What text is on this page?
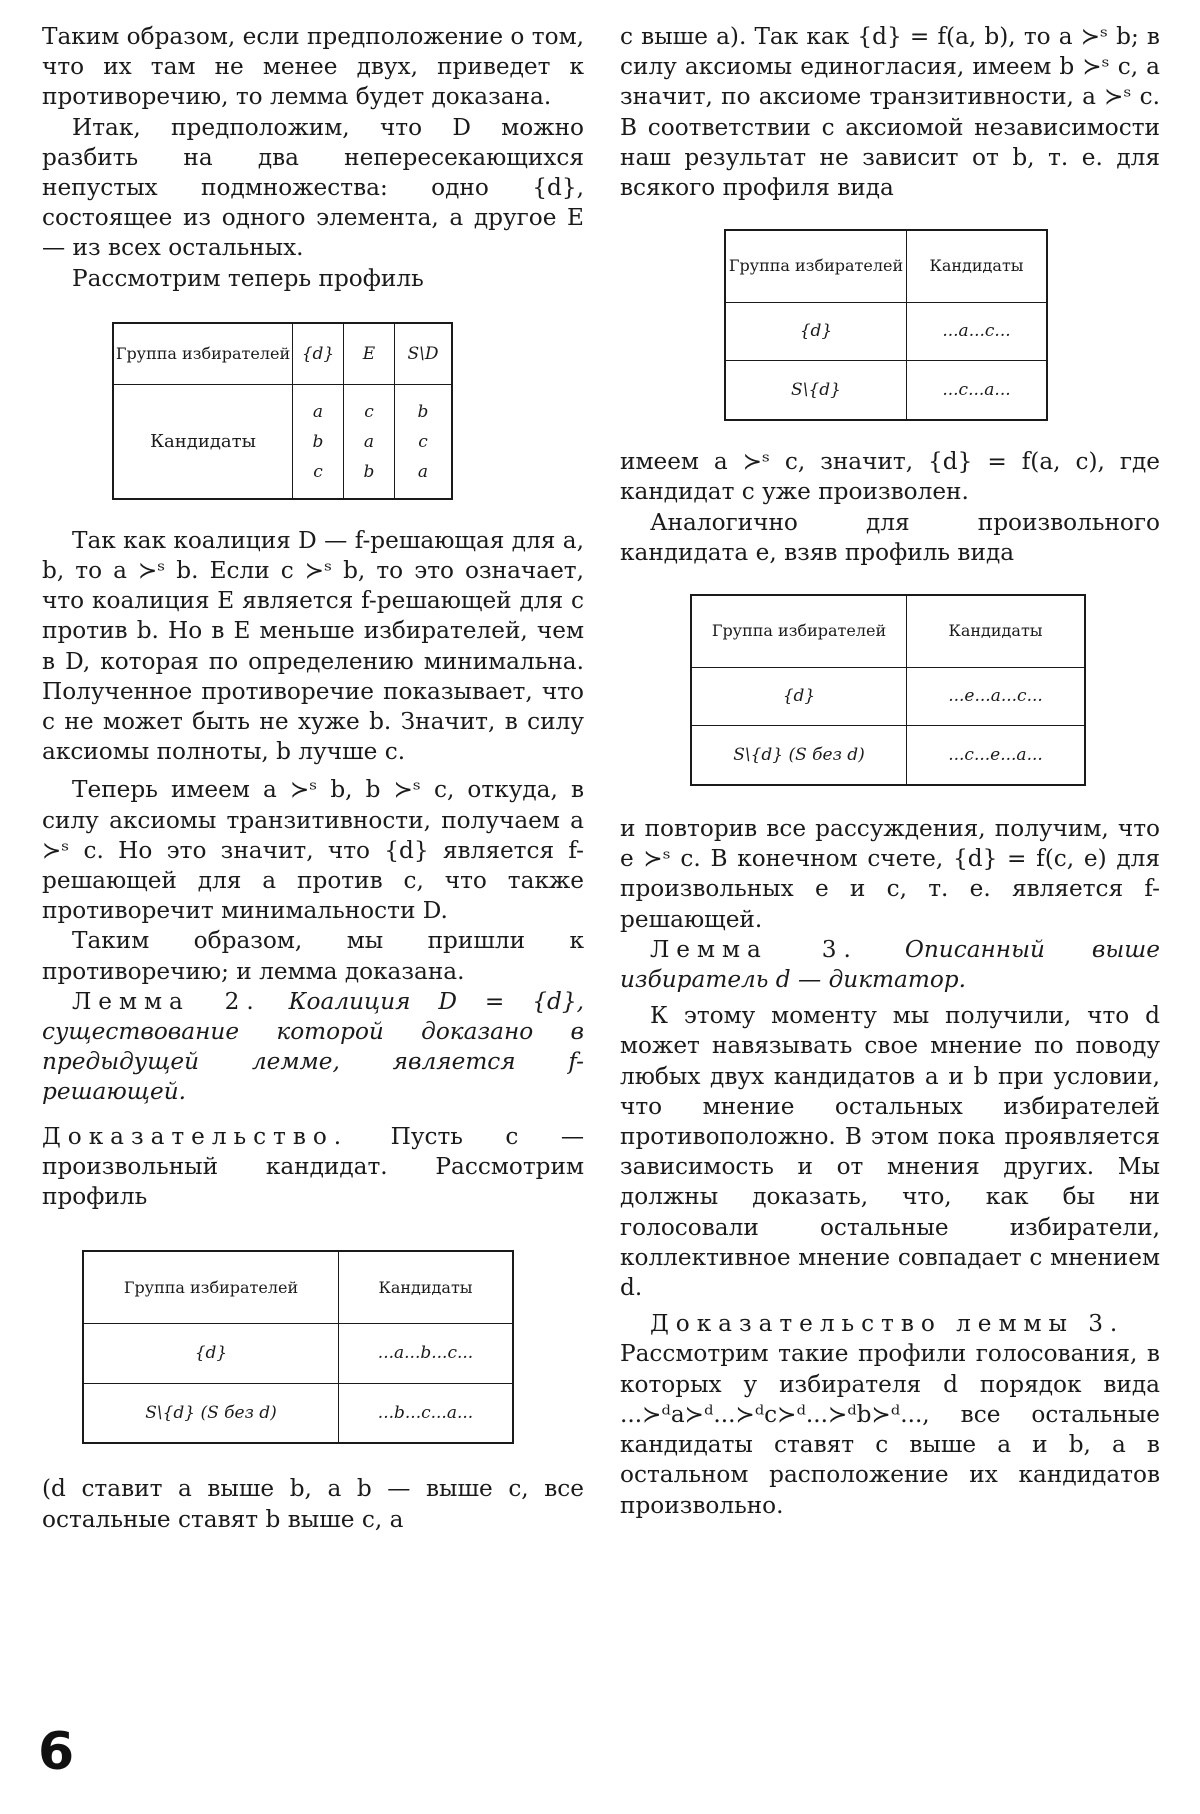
Таким образом, если предположение о том, что их там не менее двух, приведет к противоречию, то лемма будет доказана.

Итак, предположим, что D можно разбить на два непересекающихся непустых подмножества: одно {d}, состоящее из одного элемента, а другое E — из всех остальных.

Рассмотрим теперь профиль

Группа избирателей	{d}	E	S\D
Кандидаты	a b c	c a b	b c a

Так как коалиция D — f-решающая для a, b, то a ≻ˢ b. Если c ≻ˢ b, то это означает, что коалиция E является f-решающей для c против b. Но в E меньше избирателей, чем в D, которая по определению минимальна. Полученное противоречие показывает, что c не может быть не хуже b. Значит, в силу аксиомы полноты, b лучше c.

Теперь имеем a ≻ˢ b, b ≻ˢ c, откуда, в силу аксиомы транзитивности, получаем a ≻ˢ c. Но это значит, что {d} является f-решающей для a против c, что также противоречит минимальности D.

Таким образом, мы пришли к противоречию; и лемма доказана.

Лемма 2. Коалиция D = {d}, существование которой доказано в предыдущей лемме, является f-решающей.

Доказательство. Пусть c — произвольный кандидат. Рассмотрим профиль

Группа избирателей	Кандидаты
{d}	...a...b...c...
S\{d} (S без d)	...b...c...a...

(d ставит a выше b, а b — выше c, все остальные ставят b выше c, а

c выше a). Так как {d} = f(a, b), то a ≻ˢ b; в силу аксиомы единогласия, имеем b ≻ˢ c, а значит, по аксиоме транзитивности, a ≻ˢ c. В соответствии с аксиомой независимости наш результат не зависит от b, т. е. для всякого профиля вида

Группа избирателей	Кандидаты
{d}	...a...c...
S\{d}	...c...a...

имеем a ≻ˢ c, значит, {d} = f(a, c), где кандидат c уже произволен.

Аналогично для произвольного кандидата e, взяв профиль вида

Группа избирателей	Кандидаты
{d}	...e...a...c...
S\{d} (S без d)	...c...e...a...

и повторив все рассуждения, получим, что e ≻ˢ c. В конечном счете, {d} = f(c, e) для произвольных e и c, т. е. является f-решающей.

Лемма 3. Описанный выше избиратель d — диктатор.

К этому моменту мы получили, что d может навязывать свое мнение по поводу любых двух кандидатов a и b при условии, что мнение остальных избирателей противоположно. В этом пока проявляется зависимость и от мнения других. Мы должны доказать, что, как бы ни голосовали остальные избиратели, коллективное мнение совпадает с мнением d.

Доказательство леммы 3.

Рассмотрим такие профили голосования, в которых у избирателя d порядок вида ...≻ᵈa≻ᵈ...≻ᵈc≻ᵈ...≻ᵈb≻ᵈ..., все остальные кандидаты ставят c выше a и b, а в остальном расположение их кандидатов произвольно.

6
